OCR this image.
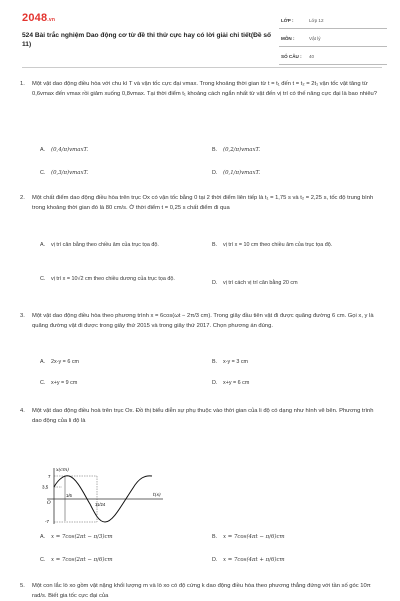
2048.vn
524 Bài trắc nghiệm Dao động cơ từ đề thi thử cực hay có lời giải chi tiết(Đề số 11)
LỚP :	Lớp 12
MÔN :	Vật lý
SỐ CÂU : 40
1. Một vật dao động điều hòa với chu kì T và vận tốc cực đại vmax. Trong khoảng thời gian từ t = t₁ đến t = t₂ = 2t₁ vận tốc vật tăng từ 0,6vmax đến vmax rồi giảm xuống 0,8vmax. Tại thời điểm t₁ khoảng cách ngắn nhất từ vật đến vị trí có thế năng cực đại là bao nhiêu?
A. (0,4/π)vmaxT.	B. (0,2/π)vmaxT.
C. (0,3/π)vmaxT.	D. (0,1/π)vmaxT.
2. Một chất điểm dao động điều hòa trên trục Ox có vận tốc bằng 0 tại 2 thời điểm liên tiếp là t₁ = 1,75 s và t₂ = 2,25 s, tốc độ trung bình trong khoảng thời gian đó là 80 cm/s. Ở thời điểm t = 0,25 s chất điểm đi qua
A. vị trí cân bằng theo chiều âm của trục tọa độ.	B. vị trí x = 10 cm theo chiều âm của trục tọa độ.
C. vị trí x = 10√2 cm theo chiều dương của trục tọa độ.
D. vị trí cách vị trí cân bằng 20 cm
3. Một vật dao động điều hòa theo phương trình x = 6cos(ωt − 2π/3 cm). Trong giây đầu tiên vật đi được quãng đường 6 cm. Gọi x, y là quãng đường vật đi được trong giây thứ 2015 và trong giây thứ 2017. Chọn phương án đúng.
A. 2x-y = 6 cm	B. x-y = 3 cm
C. x+y = 9 cm	D. x+y = 6 cm
4. Một vật dao động điều hoà trên trục Ox. Đồ thị biểu diễn sự phụ thuộc vào thời gian của li độ có dạng như hình vẽ bên. Phương trình dao động của li độ là
x(cm)
t(s)
7
3,5
-7
O
1/6
11/24
A. x = 7cos(2πt − π/3)cm	B. x = 7cos(4πt − π/6)cm
C. x = 7cos(2πt − π/6)cm	D. x = 7cos(4πt + π/6)cm
5. Một con lắc lò xo gồm vật nặng khối lượng m và lò xo có độ cứng k dao động điều hòa theo phương thẳng đứng với tần số góc 10π rad/s. Biết gia tốc cực đại của
